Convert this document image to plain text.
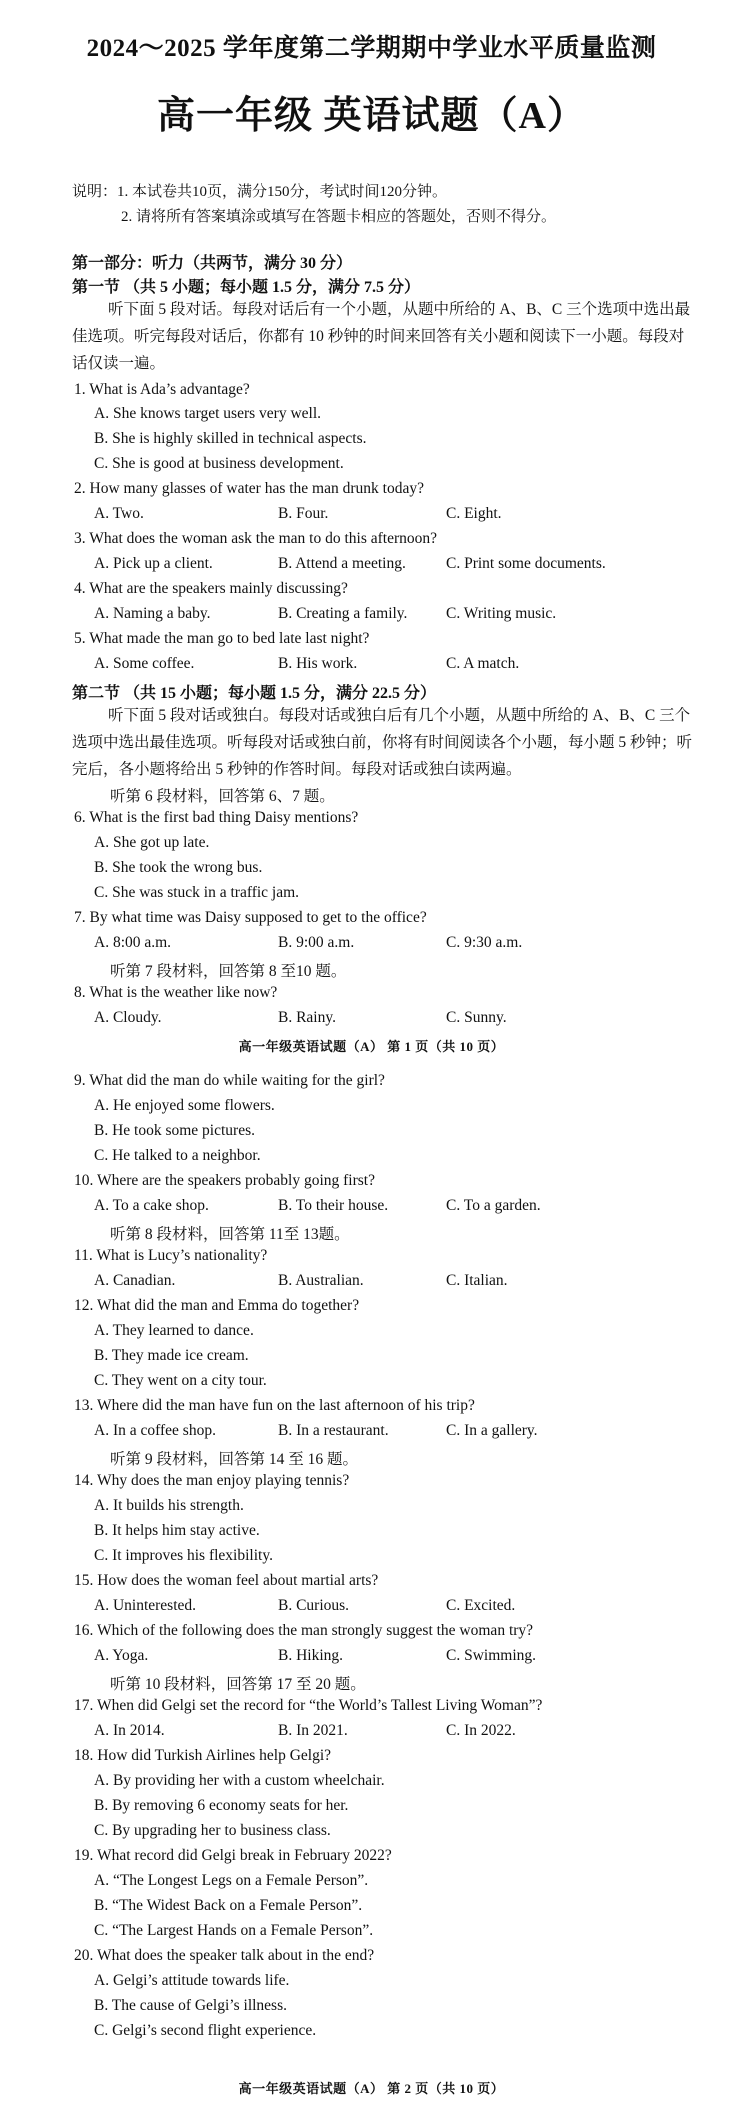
2024～2025 学年度第二学期期中学业水平质量监测
高一年级 英语试题（A）
说明：1. 本试卷共10页，满分150分，考试时间120分钟。
2. 请将所有答案填涂或填写在答题卡相应的答题处，否则不得分。
第一部分：听力（共两节，满分 30 分）
第一节 （共 5 小题；每小题 1.5 分，满分 7.5 分）
听下面 5 段对话。每段对话后有一个小题，从题中所给的 A、B、C 三个选项中选出最佳选项。听完每段对话后，你都有 10 秒钟的时间来回答有关小题和阅读下一小题。每段对话仅读一遍。
1. What is Ada’s advantage?
A. She knows target users very well.
B. She is highly skilled in technical aspects.
C. She is good at business development.
2. How many glasses of water has the man drunk today?
A. Two.	B. Four.	C. Eight.
3. What does the woman ask the man to do this afternoon?
A. Pick up a client.	B. Attend a meeting.	C. Print some documents.
4. What are the speakers mainly discussing?
A. Naming a baby.	B. Creating a family. C. Writing music.
5. What made the man go to bed late last night?
A. Some coffee.	B. His work.	C. A match.
第二节 （共 15 小题；每小题 1.5 分，满分 22.5 分）
听下面 5 段对话或独白。每段对话或独白后有几个小题，从题中所给的 A、B、C 三个选项中选出最佳选项。听每段对话或独白前，你将有时间阅读各个小题，每小题 5 秒钟；听完后，各小题将给出 5 秒钟的作答时间。每段对话或独白读两遍。
听第 6 段材料，回答第 6、7 题。
6. What is the first bad thing Daisy mentions?
A. She got up late.
B. She took the wrong bus.
C. She was stuck in a traffic jam.
7. By what time was Daisy supposed to get to the office?
A. 8:00 a.m.	B. 9:00 a.m.	C. 9:30 a.m.
听第 7 段材料，回答第 8 至10 题。
8. What is the weather like now?
A. Cloudy.	B. Rainy.	C. Sunny.
高一年级英语试题（A） 第 1 页（共 10 页）
9. What did the man do while waiting for the girl?
A. He enjoyed some flowers.
B. He took some pictures.
C. He talked to a neighbor.
10. Where are the speakers probably going first?
A. To a cake shop.	B. To their house.	C. To a garden.
听第 8 段材料，回答第 11至 13题。
11. What is Lucy’s nationality?
A. Canadian.	B. Australian.	C. Italian.
12. What did the man and Emma do together?
A. They learned to dance.
B. They made ice cream.
C. They went on a city tour.
13. Where did the man have fun on the last afternoon of his trip?
A. In a coffee shop.	B. In a restaurant.	C. In a gallery.
听第 9 段材料，回答第 14 至 16 题。
14. Why does the man enjoy playing tennis?
A. It builds his strength.
B. It helps him stay active.
C. It improves his flexibility.
15. How does the woman feel about martial arts?
A. Uninterested.	B. Curious.	C. Excited.
16. Which of the following does the man strongly suggest the woman try?
A. Yoga.	B. Hiking.	C. Swimming.
听第 10 段材料，回答第 17 至 20 题。
17. When did Gelgi set the record for “the World’s Tallest Living Woman”?
A. In 2014.	B. In 2021.	C. In 2022.
18. How did Turkish Airlines help Gelgi?
A. By providing her with a custom wheelchair.
B. By removing 6 economy seats for her.
C. By upgrading her to business class.
19. What record did Gelgi break in February 2022?
A. “The Longest Legs on a Female Person”.
B. “The Widest Back on a Female Person”.
C. “The Largest Hands on a Female Person”.
20. What does the speaker talk about in the end?
A. Gelgi’s attitude towards life.
B. The cause of Gelgi’s illness.
C. Gelgi’s second flight experience.
高一年级英语试题（A） 第 2 页（共 10 页）
